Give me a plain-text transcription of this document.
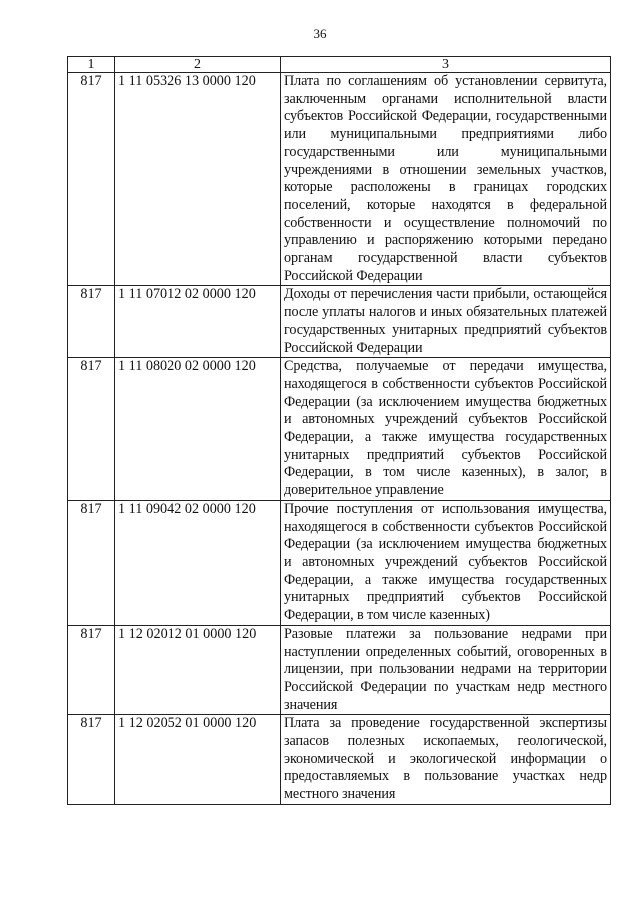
36
1	2	3
817	1 11 05326 13 0000 120	Плата по соглашениям об установлении сервитута, заключенным органами исполнительной власти субъектов Российской Федерации, государственными или муниципальными предприятиями либо государственными или муниципальными учреждениями в отношении земельных участков, которые расположены в границах городских поселений, которые находятся в федеральной собственности и осуществление полномочий по управлению и распоряжению которыми передано органам государственной власти субъектов Российской Федерации
817	1 11 07012 02 0000 120	Доходы от перечисления части прибыли, остающейся после уплаты налогов и иных обязательных платежей государственных унитарных предприятий субъектов Российской Федерации
817	1 11 08020 02 0000 120	Средства, получаемые от передачи имущества, находящегося в собственности субъектов Российской Федерации (за исключением имущества бюджетных и автономных учреждений субъектов Российской Федерации, а также имущества государственных унитарных предприятий субъектов Российской Федерации, в том числе казенных), в залог, в доверительное управление
817	1 11 09042 02 0000 120	Прочие поступления от использования имущества, находящегося в собственности субъектов Российской Федерации (за исключением имущества бюджетных и автономных учреждений субъектов Российской Федерации, а также имущества государственных унитарных предприятий субъектов Российской Федерации, в том числе казенных)
817	1 12 02012 01 0000 120	Разовые платежи за пользование недрами при наступлении определенных событий, оговоренных в лицензии, при пользовании недрами на территории Российской Федерации по участкам недр местного значения
817	1 12 02052 01 0000 120	Плата за проведение государственной экспертизы запасов полезных ископаемых, геологической, экономической и экологической информации о предоставляемых в пользование участках недр местного значения
